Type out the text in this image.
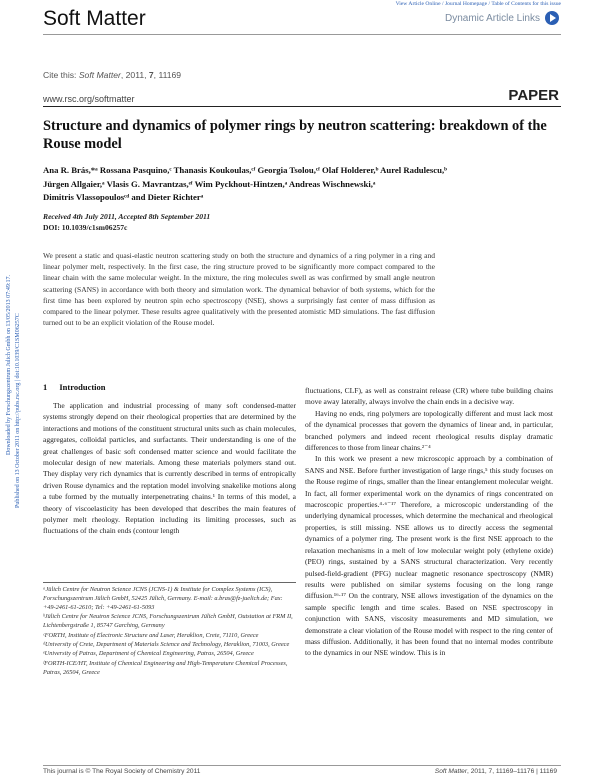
View Article Online / Journal Homepage / Table of Contents for this issue
Soft Matter	Dynamic Article Links
Cite this: Soft Matter, 2011, 7, 11169
www.rsc.org/softmatter	PAPER
Downloaded by Forschungszentrum Julich Gmbh on 13/05/2013 07:49:17. Published on 13 October 2011 on http://pubs.rsc.org | doi:10.1039/C1SM06257C
Structure and dynamics of polymer rings by neutron scattering: breakdown of the Rouse model
Ana R. Brás,*ᵃ Rossana Pasquino,ᶜ Thanasis Koukoulas,ᶜᶠ Georgia Tsolou,ᶜᶠ Olaf Holderer,ᵇ Aurel Radulescu,ᵇ
Jürgen Allgaier,ᵃ Vlasis G. Mavrantzas,ᵉᶠ Wim Pyckhout-Hintzen,ᵃ Andreas Wischnewski,ᵃ
Dimitris Vlassopoulosᶜᵈ and Dieter Richterᵃ
Received 4th July 2011, Accepted 8th September 2011
DOI: 10.1039/c1sm06257c
We present a static and quasi-elastic neutron scattering study on both the structure and dynamics of a ring polymer in a ring and linear polymer melt, respectively. In the first case, the ring structure proved to be significantly more compact compared to the linear chain with the same molecular weight. In the mixture, the ring molecules swell as was confirmed by small angle neutron scattering (SANS) in accordance with both theory and simulation work. The dynamical behavior of both systems, which for the first time has been explored by neutron spin echo spectroscopy (NSE), shows a surprisingly fast center of mass diffusion as compared to the linear polymer. These results agree qualitatively with the presented atomistic MD simulations. The fast diffusion turned out to be an explicit violation of the Rouse model.
1 Introduction

The application and industrial processing of many soft condensed-matter systems strongly depend on their rheological properties that are determined by the interactions and motions of the constituent structural units such as chain molecules, aggregates, colloidal particles, and surfactants. Their understanding is one of the great challenges of basic soft condensed matter science and would facilitate the molecular design of new materials. Among these materials polymers stand out. They display very rich dynamics that is currently described in terms of entropically driven Rouse dynamics and the reptation model involving snakelike motions along a tube formed by the mutually interpenetrating chains.¹ In terms of this model, a theory of viscoelasticity has been developed that describes the main features of polymer melt rheology. Reptation including its limiting processes, such as fluctuations of the chain ends (contour length

ᵃJülich Centre for Neutron Science JCNS (JCNS-1) & Institute for Complex Systems (ICS), Forschungszentrum Jülich GmbH, 52425 Jülich, Germany. E-mail: a.bras@fz-juelich.de; Fax: +49-2461-61-2610; Tel: +49-2461-61-5093

ᵇJülich Centre for Neutron Science JCNS, Forschungszentrum Jülich GmbH, Outstation at FRM II, Lichtenbergstraße 1, 85747 Garching, Germany

ᶜFORTH, Institute of Electronic Structure and Laser, Heraklion, Crete, 71110, Greece

ᵈUniversity of Crete, Department of Materials Science and Technology, Heraklion, 71003, Greece

ᵉUniversity of Patras, Department of Chemical Engineering, Patras, 26504, Greece

ᶠFORTH-ICE/HT, Institute of Chemical Engineering and High-Temperature Chemical Processes, Patras, 26504, Greece

fluctuations, CLF), as well as constraint release (CR) where tube building chains move away laterally, always involve the chain ends in a decisive way.

Having no ends, ring polymers are topologically different and must lack most of the dynamical processes that govern the dynamics of linear and, in particular, branched polymers and indeed recent rheological results display dramatic differences to those from linear chains.²⁻⁴

In this work we present a new microscopic approach by a combination of SANS and NSE. Before further investigation of large rings,⁵ this study focuses on the Rouse regime of rings, smaller than the linear entanglement molecular weight. In fact, all former experimental work on the dynamics of rings concentrated on macroscopic properties.⁴·⁶⁻¹⁷ Therefore, a microscopic understanding of the underlying dynamical processes, which determine the mechanical and rheological properties, is still missing. NSE allows us to directly access the segmental dynamics of a polymer ring. The present work is the first NSE approach to the relaxation mechanisms in a melt of low molecular weight poly (ethylene oxide) (PEO) rings, sustained by a SANS structural characterization. Very recently pulsed-field-gradient (PFG) nuclear magnetic resonance spectroscopy (NMR) results were published on similar systems focusing on the long range diffusion.¹⁶·¹⁷ On the contrary, NSE allows investigation of the dynamics on the sample specific length and time scales. Based on NSE spectroscopy in conjunction with SANS, viscosity measurements and MD simulation, we demonstrate a clear violation of the Rouse model with respect to the ring center of mass diffusion. Additionally, it has been found that no internal modes contribute to the dynamics in our NSE window. This is in

This journal is © The Royal Society of Chemistry 2011	Soft Matter, 2011, 7, 11169–11176 | 11169
